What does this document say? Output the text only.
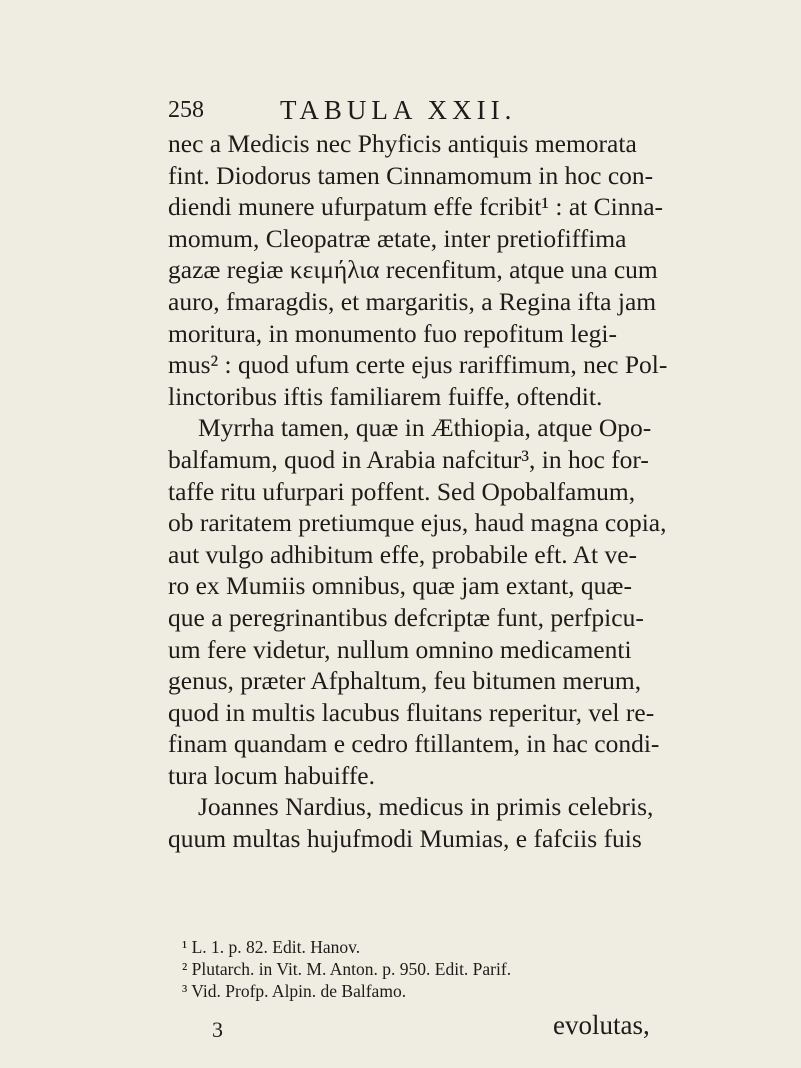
258	TABULA XXII.
nec a Medicis nec Phyficis antiquis memorata
fint. Diodorus tamen Cinnamomum in hoc con-
diendi munere ufurpatum effe fcribit¹ : at Cinna-
momum, Cleopatræ ætate, inter pretiofiffima
gazæ regiæ κειμήλια recenfitum, atque una cum
auro, fmaragdis, et margaritis, a Regina ifta jam
moritura, in monumento fuo repofitum legi-
mus² : quod ufum certe ejus rariffimum, nec Pol-
linctoribus iftis familiarem fuiffe, oftendit.
Myrrha tamen, quæ in Æthiopia, atque Opo-
balfamum, quod in Arabia nafcitur³, in hoc for-
taffe ritu ufurpari poffent. Sed Opobalfamum,
ob raritatem pretiumque ejus, haud magna copia,
aut vulgo adhibitum effe, probabile eft. At ve-
ro ex Mumiis omnibus, quæ jam extant, quæ-
que a peregrinantibus defcriptæ funt, perfpicu-
um fere videtur, nullum omnino medicamenti
genus, præter Afphaltum, feu bitumen merum,
quod in multis lacubus fluitans reperitur, vel re-
finam quandam e cedro ftillantem, in hac condi-
tura locum habuiffe.
Joannes Nardius, medicus in primis celebris,
quum multas hujufmodi Mumias, e fafciis fuis
¹ L. 1. p. 82. Edit. Hanov.
² Plutarch. in Vit. M. Anton. p. 950. Edit. Parif.
³ Vid. Profp. Alpin. de Balfamo.
3	evolutas,
